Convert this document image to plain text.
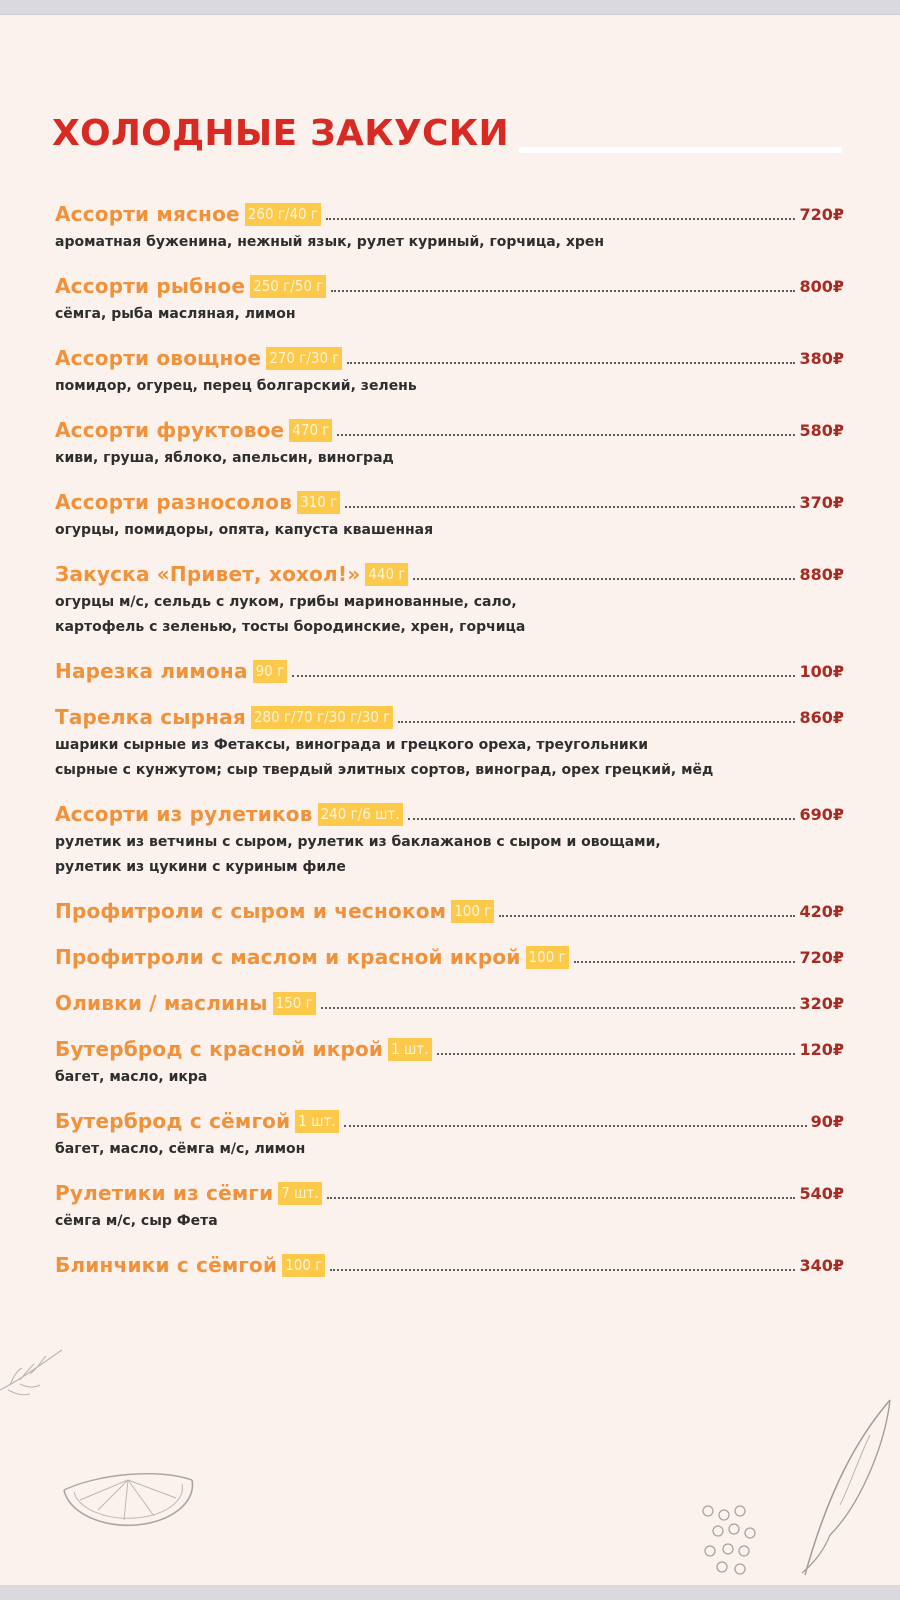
ХОЛОДНЫЕ ЗАКУСКИ
Ассорти мясное 260 г/40 г	720₽
ароматная буженина, нежный язык, рулет куриный, горчица, хрен
Ассорти рыбное 250 г/50 г	800₽
сёмга, рыба масляная, лимон
Ассорти овощное 270 г/30 г	380₽
помидор, огурец, перец болгарский, зелень
Ассорти фруктовое 470 г	580₽
киви, груша, яблоко, апельсин, виноград
Ассорти разносолов 310 г	370₽
огурцы, помидоры, опята, капуста квашенная
Закуска «Привет, хохол!» 440 г	880₽
огурцы м/с, сельдь с луком, грибы маринованные, сало,
картофель с зеленью, тосты бородинские, хрен, горчица
Нарезка лимона 90 г	100₽
Тарелка сырная 280 г/70 г/30 г/30 г	860₽
шарики сырные из Фетаксы, винограда и грецкого ореха, треугольники
сырные с кунжутом; сыр твердый элитных сортов, виноград, орех грецкий, мёд
Ассорти из рулетиков 240 г/6 шт.	690₽
рулетик из ветчины с сыром, рулетик из баклажанов с сыром и овощами,
рулетик из цукини с куриным филе
Профитроли с сыром и чесноком 100 г	420₽
Профитроли с маслом и красной икрой 100 г	720₽
Оливки / маслины 150 г	320₽
Бутерброд с красной икрой 1 шт.	120₽
багет, масло, икра
Бутерброд с сёмгой 1 шт.	90₽
багет, масло, сёмга м/с, лимон
Рулетики из сёмги 7 шт.	540₽
сёмга м/с, сыр Фета
Блинчики с сёмгой 100 г	340₽
